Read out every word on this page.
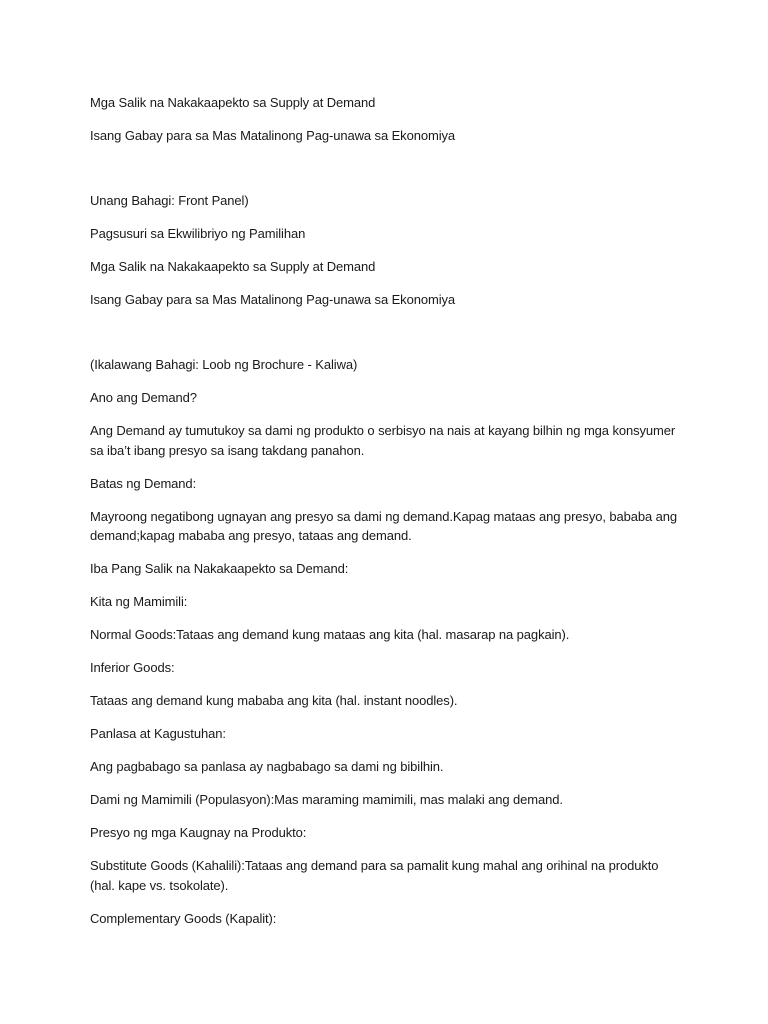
Mga Salik na Nakakaapekto sa Supply at Demand

Isang Gabay para sa Mas Matalinong Pag-unawa sa Ekonomiya

Unang Bahagi: Front Panel)

Pagsusuri sa Ekwilibriyo ng Pamilihan

Mga Salik na Nakakaapekto sa Supply at Demand

Isang Gabay para sa Mas Matalinong Pag-unawa sa Ekonomiya

(Ikalawang Bahagi: Loob ng Brochure - Kaliwa)

Ano ang Demand?

Ang Demand ay tumutukoy sa dami ng produkto o serbisyo na nais at kayang bilhin ng mga konsyumer sa iba’t ibang presyo sa isang takdang panahon.

Batas ng Demand:

Mayroong negatibong ugnayan ang presyo sa dami ng demand.Kapag mataas ang presyo, bababa ang demand;kapag mababa ang presyo, tataas ang demand.

Iba Pang Salik na Nakakaapekto sa Demand:

Kita ng Mamimili:

Normal Goods:Tataas ang demand kung mataas ang kita (hal. masarap na pagkain).

Inferior Goods:

Tataas ang demand kung mababa ang kita (hal. instant noodles).

Panlasa at Kagustuhan:

Ang pagbabago sa panlasa ay nagbabago sa dami ng bibilhin.

Dami ng Mamimili (Populasyon):Mas maraming mamimili, mas malaki ang demand.

Presyo ng mga Kaugnay na Produkto:

Substitute Goods (Kahalili):Tataas ang demand para sa pamalit kung mahal ang orihinal na produkto (hal. kape vs. tsokolate).

Complementary Goods (Kapalit):
